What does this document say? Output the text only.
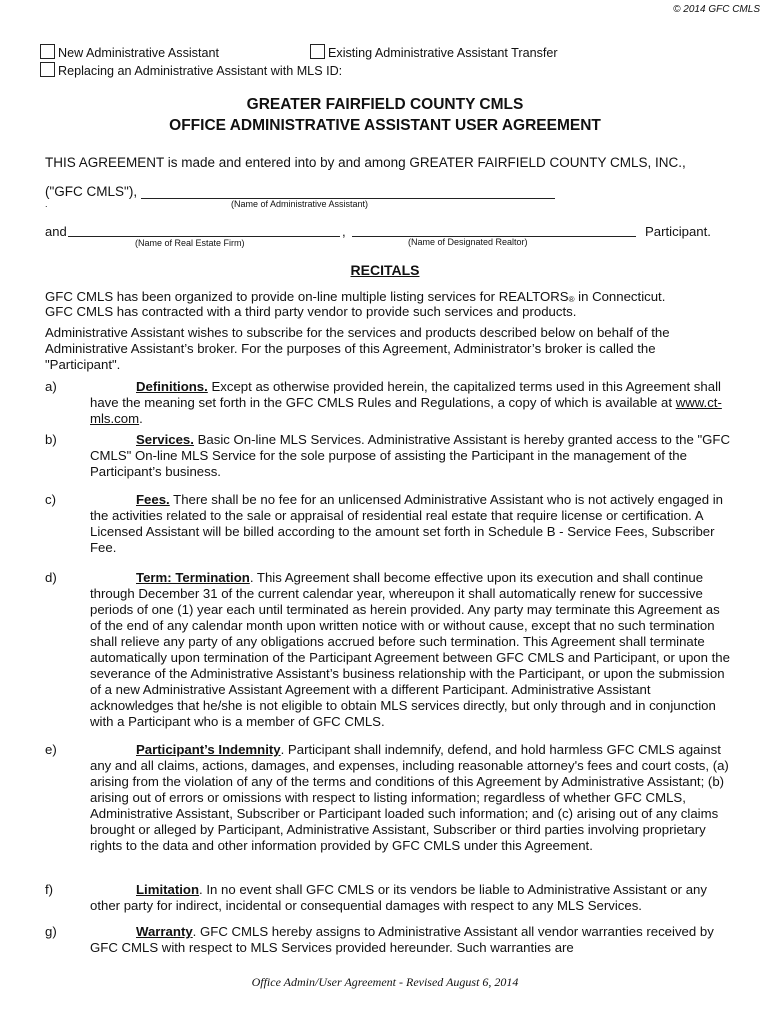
© 2014 GFC CMLS
New Administrative Assistant	Existing Administrative Assistant Transfer
Replacing an Administrative Assistant with MLS ID:
GREATER FAIRFIELD COUNTY CMLS
OFFICE ADMINISTRATIVE ASSISTANT USER AGREEMENT
THIS AGREEMENT is made and entered into by and among GREATER FAIRFIELD COUNTY CMLS, INC.,
("GFC CMLS"),
.	(Name of Administrative Assistant)
and	,	Participant.
(Name of Real Estate Firm)	(Name of Designated Realtor)
RECITALS
GFC CMLS has been organized to provide on-line multiple listing services for $REALTORS_®$ in Connecticut.
GFC CMLS has contracted with a third party vendor to provide such services and products.
Administrative Assistant wishes to subscribe for the services and products described below on behalf of the Administrative Assistant’s broker. For the purposes of this Agreement, Administrator’s broker is called the "Participant".
a)	Definitions. Except as otherwise provided herein, the capitalized terms used in this Agreement shall have the meaning set forth in the GFC CMLS Rules and Regulations, a copy of which is available at www.ct-mls.com.
b)	Services. Basic On-line MLS Services. Administrative Assistant is hereby granted access to the "GFC CMLS" On-line MLS Service for the sole purpose of assisting the Participant in the management of the Participant’s business.
c)	Fees. There shall be no fee for an unlicensed Administrative Assistant who is not actively engaged in the activities related to the sale or appraisal of residential real estate that require license or certification. A Licensed Assistant will be billed according to the amount set forth in Schedule B - Service Fees, Subscriber Fee.
d)	Term: Termination. This Agreement shall become effective upon its execution and shall continue through December 31 of the current calendar year, whereupon it shall automatically renew for successive periods of one (1) year each until terminated as herein provided. Any party may terminate this Agreement as of the end of any calendar month upon written notice with or without cause, except that no such termination shall relieve any party of any obligations accrued before such termination. This Agreement shall terminate automatically upon termination of the Participant Agreement between GFC CMLS and Participant, or upon the severance of the Administrative Assistant’s business relationship with the Participant, or upon the submission of a new Administrative Assistant Agreement with a different Participant. Administrative Assistant acknowledges that he/she is not eligible to obtain MLS services directly, but only through and in conjunction with a Participant who is a member of GFC CMLS.
e)	Participant’s Indemnity. Participant shall indemnify, defend, and hold harmless GFC CMLS against any and all claims, actions, damages, and expenses, including reasonable attorney's fees and court costs, (a) arising from the violation of any of the terms and conditions of this Agreement by Administrative Assistant; (b) arising out of errors or omissions with respect to listing information; regardless of whether GFC CMLS, Administrative Assistant, Subscriber or Participant loaded such information; and (c) arising out of any claims brought or alleged by Participant, Administrative Assistant, Subscriber or third parties involving proprietary rights to the data and other information provided by GFC CMLS under this Agreement.
f)	Limitation. In no event shall GFC CMLS or its vendors be liable to Administrative Assistant or any other party for indirect, incidental or consequential damages with respect to any MLS Services.
g)	Warranty. GFC CMLS hereby assigns to Administrative Assistant all vendor warranties received by GFC CMLS with respect to MLS Services provided hereunder. Such warranties are
Office Admin/User Agreement - Revised August 6, 2014
